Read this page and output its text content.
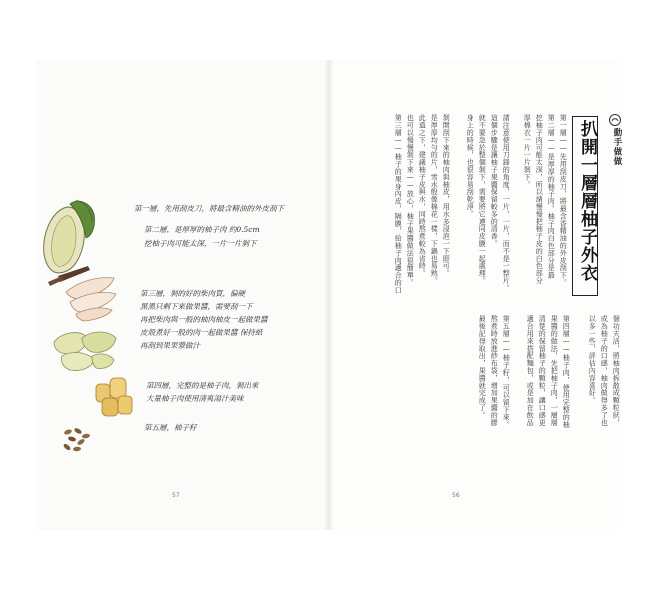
第一層，先用刮皮刀，將最含精油的外皮刮下
第二層，是厚厚的柚子肉 約0.5cm
挖柚子肉可能太深，一片一片剝下
第三層，剝的好的柴肉質，偏硬
黑黑只剩下來做果醬，需要刮一下
再把柴肉與一般的柚肉柚皮一起做果醬
皮殼煮好一般的肉一起做果醬 保持紙
再刮到果果漿做汁
第四層，完整的是柚子肉，剝出來
大量柚子肉使用清爽湯汁美味
第五層，柚子籽
57	56
動手做做
扒開一層層柚子外衣
第一層——先用刮皮刀，將最含香精油的外皮刮下。
第二層——是厚厚的柚子肉。柚子肉白色部分是最
挖柚子肉可能太深，所以請慢慢把柚子皮的白色部分
厚棉衣一片一片剝下。
請注意使用刀鋒的角度，一片，一片，而不是一整片。
這個步驟是讓柚子果醬保留較多的清香。
就不要急於整個剝下，需要將它連同皮膜一起處理。
身上的時候，也很容易刮乾淨。
剝開刮下來的柚肉與柚皮，用水多浸泡一下即可。
是厚厚均勻的片，雪水般像棉花一樣，下鍋也易熟。
此道之下，建議柚子皮與水，同時熬煮較為省時。
也可以慢慢剝下來——放心，柚子果醬做法很簡單。
第三層——柚子的果身內皮，隔膜，給柚子肉適合的口
個功夫活，將柚肉拆散成顆粒狀，
成為柚子的口感，柚肉做得多了也
以多一些，評估內容喜好。
第四層——柚子肉，使用完整的柚
果醬的做法，先把柚子肉，一層層
清楚的保留柚子的顆粒，讓口感更
適合用來搭配麵包，或是加在飲品
第五層——柚子籽，可以留下來。
熬煮時放進紗布袋，增加果醬的膠
最後記得取出，果醬就完成了。
